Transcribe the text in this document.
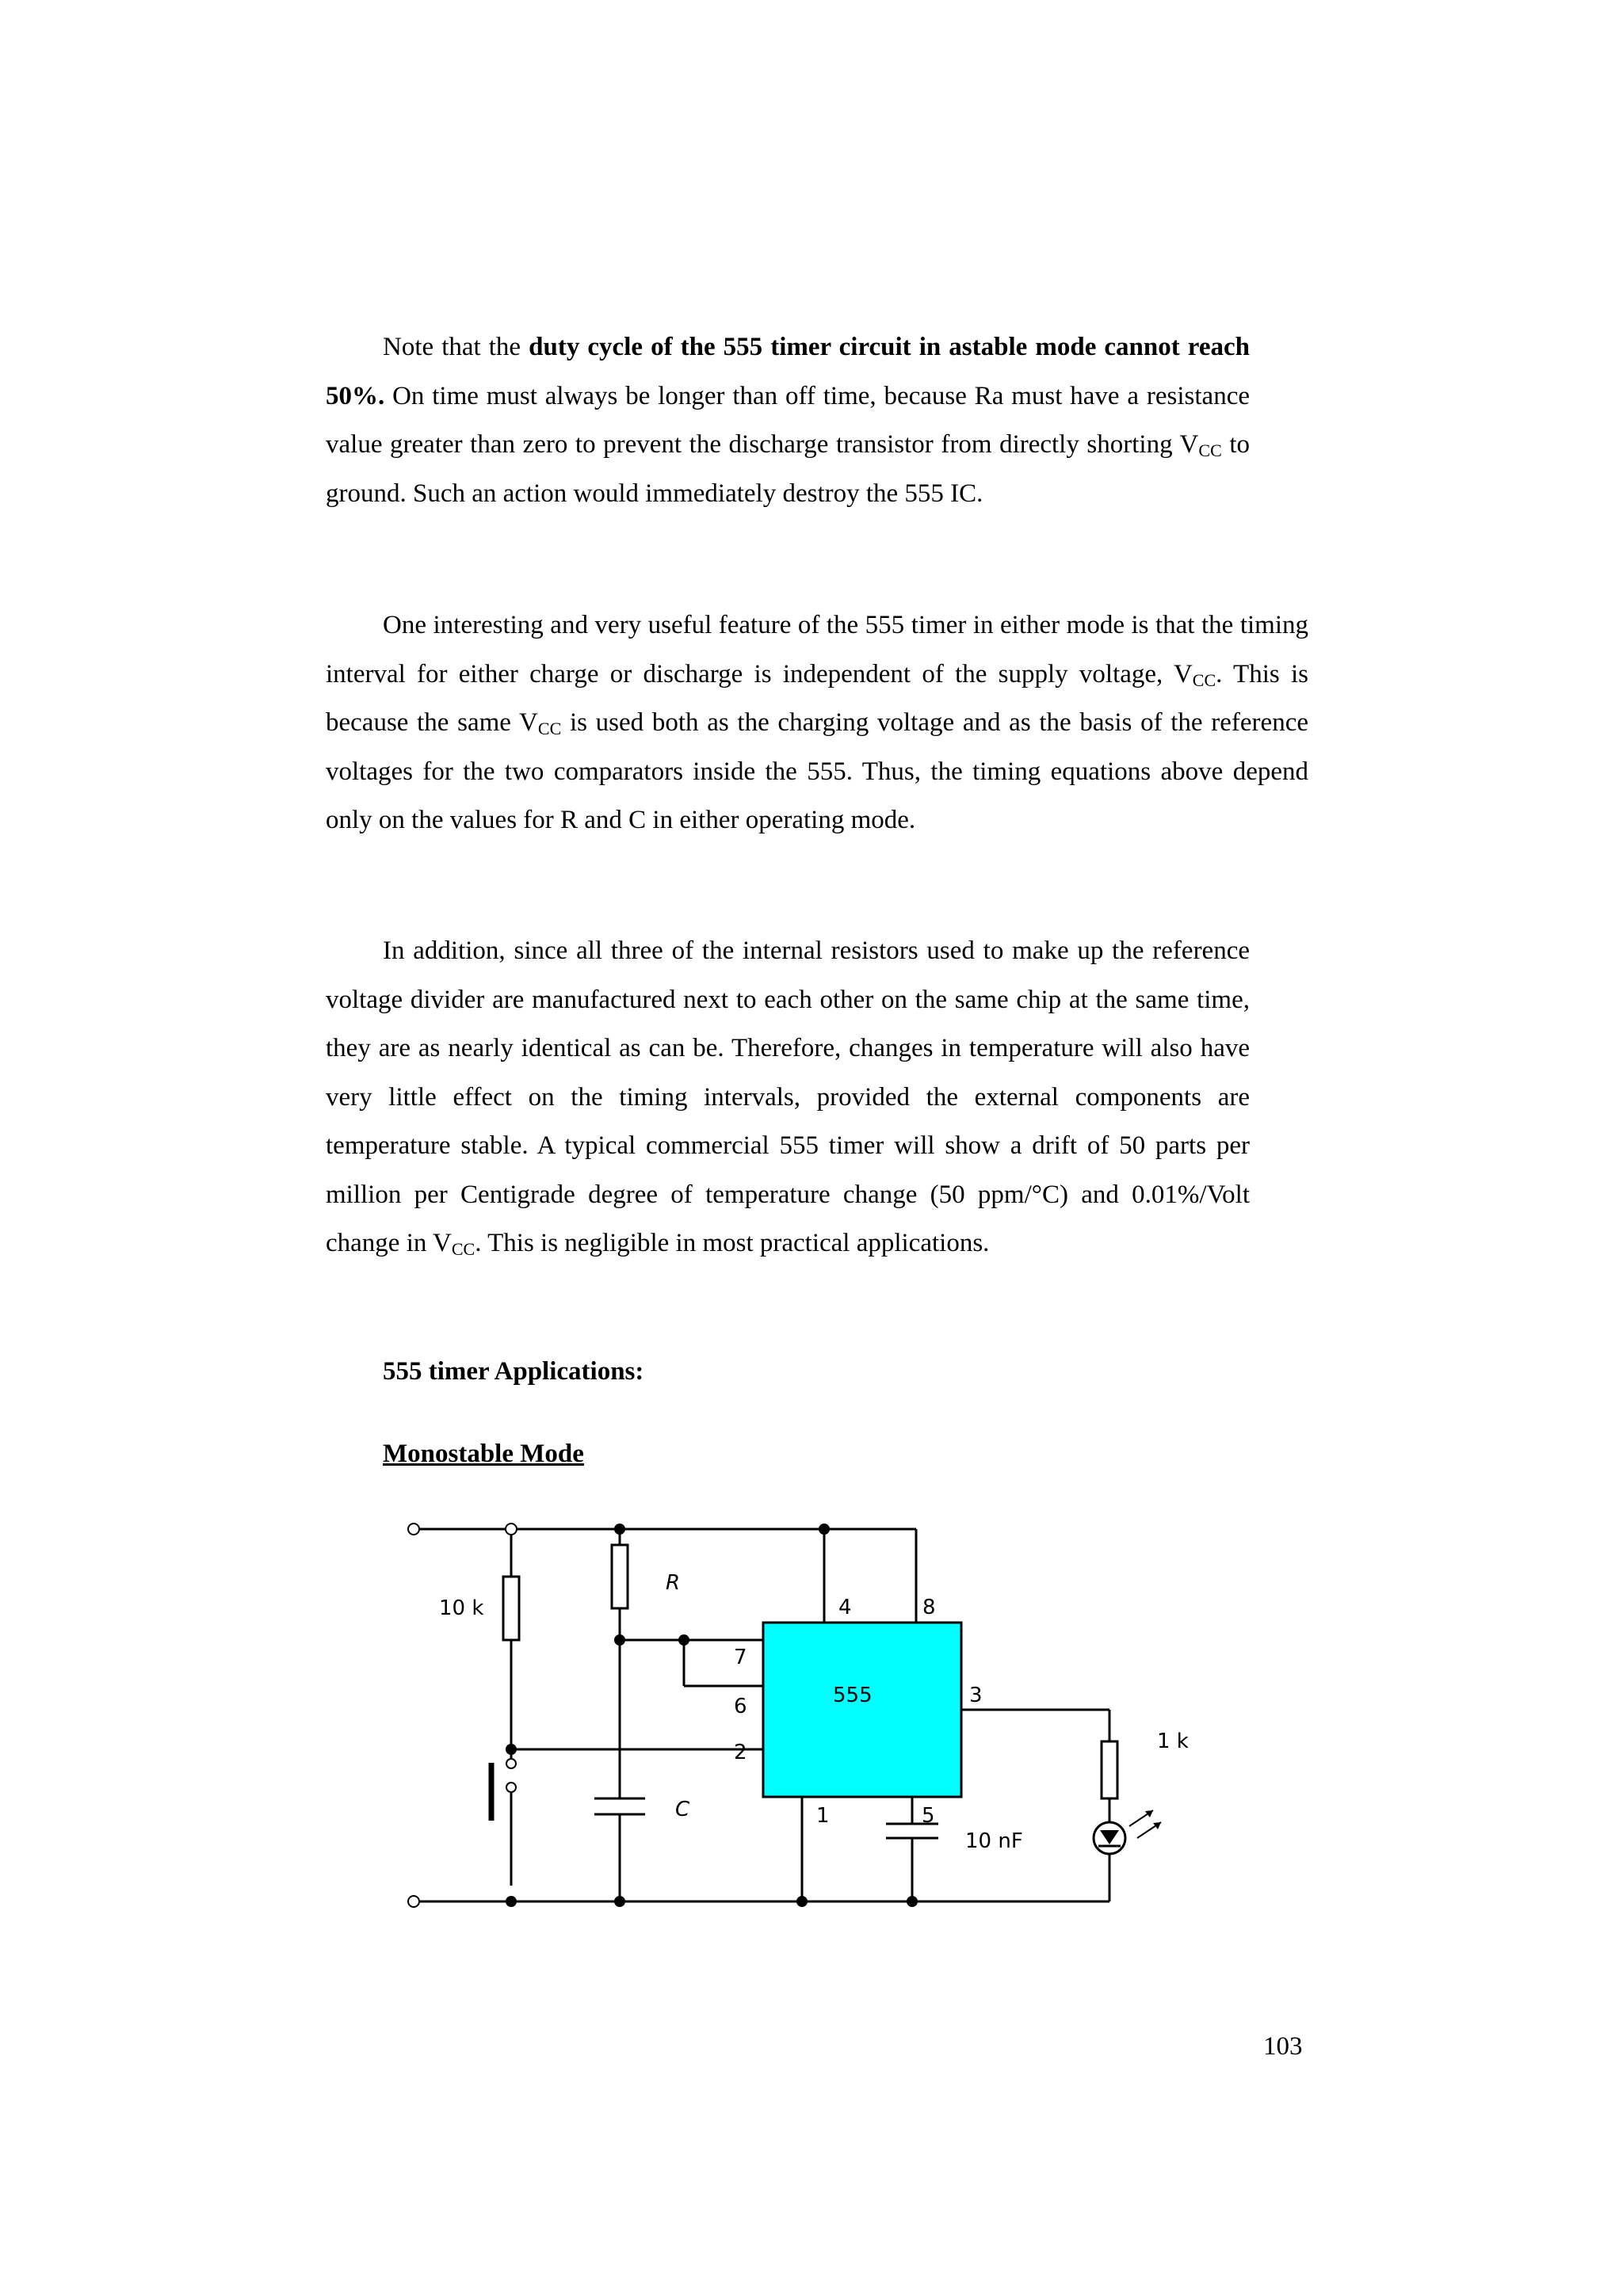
Note that the duty cycle of the 555 timer circuit in astable mode cannot reach 50%. On time must always be longer than off time, because Ra must have a resistance value greater than zero to prevent the discharge transistor from directly shorting $V_{CC}$ to ground. Such an action would immediately destroy the 555 IC.

One interesting and very useful feature of the 555 timer in either mode is that the timing interval for either charge or discharge is independent of the supply voltage, $V_{CC}$. This is because the same $V_{CC}$ is used both as the charging voltage and as the basis of the reference voltages for the two comparators inside the 555. Thus, the timing equations above depend only on the values for R and C in either operating mode.

In addition, since all three of the internal resistors used to make up the reference voltage divider are manufactured next to each other on the same chip at the same time, they are as nearly identical as can be. Therefore, changes in temperature will also have very little effect on the timing intervals, provided the external components are temperature stable. A typical commercial 555 timer will show a drift of 50 parts per million per Centigrade degree of temperature change (50 ppm/°C) and 0.01%/Volt change in $V_{CC}$. This is negligible in most practical applications.

555 timer Applications:

Monostable Mode

555
4	8
7
6
2
3
1	5
10 k
R
C
10 nF
1 k
103
